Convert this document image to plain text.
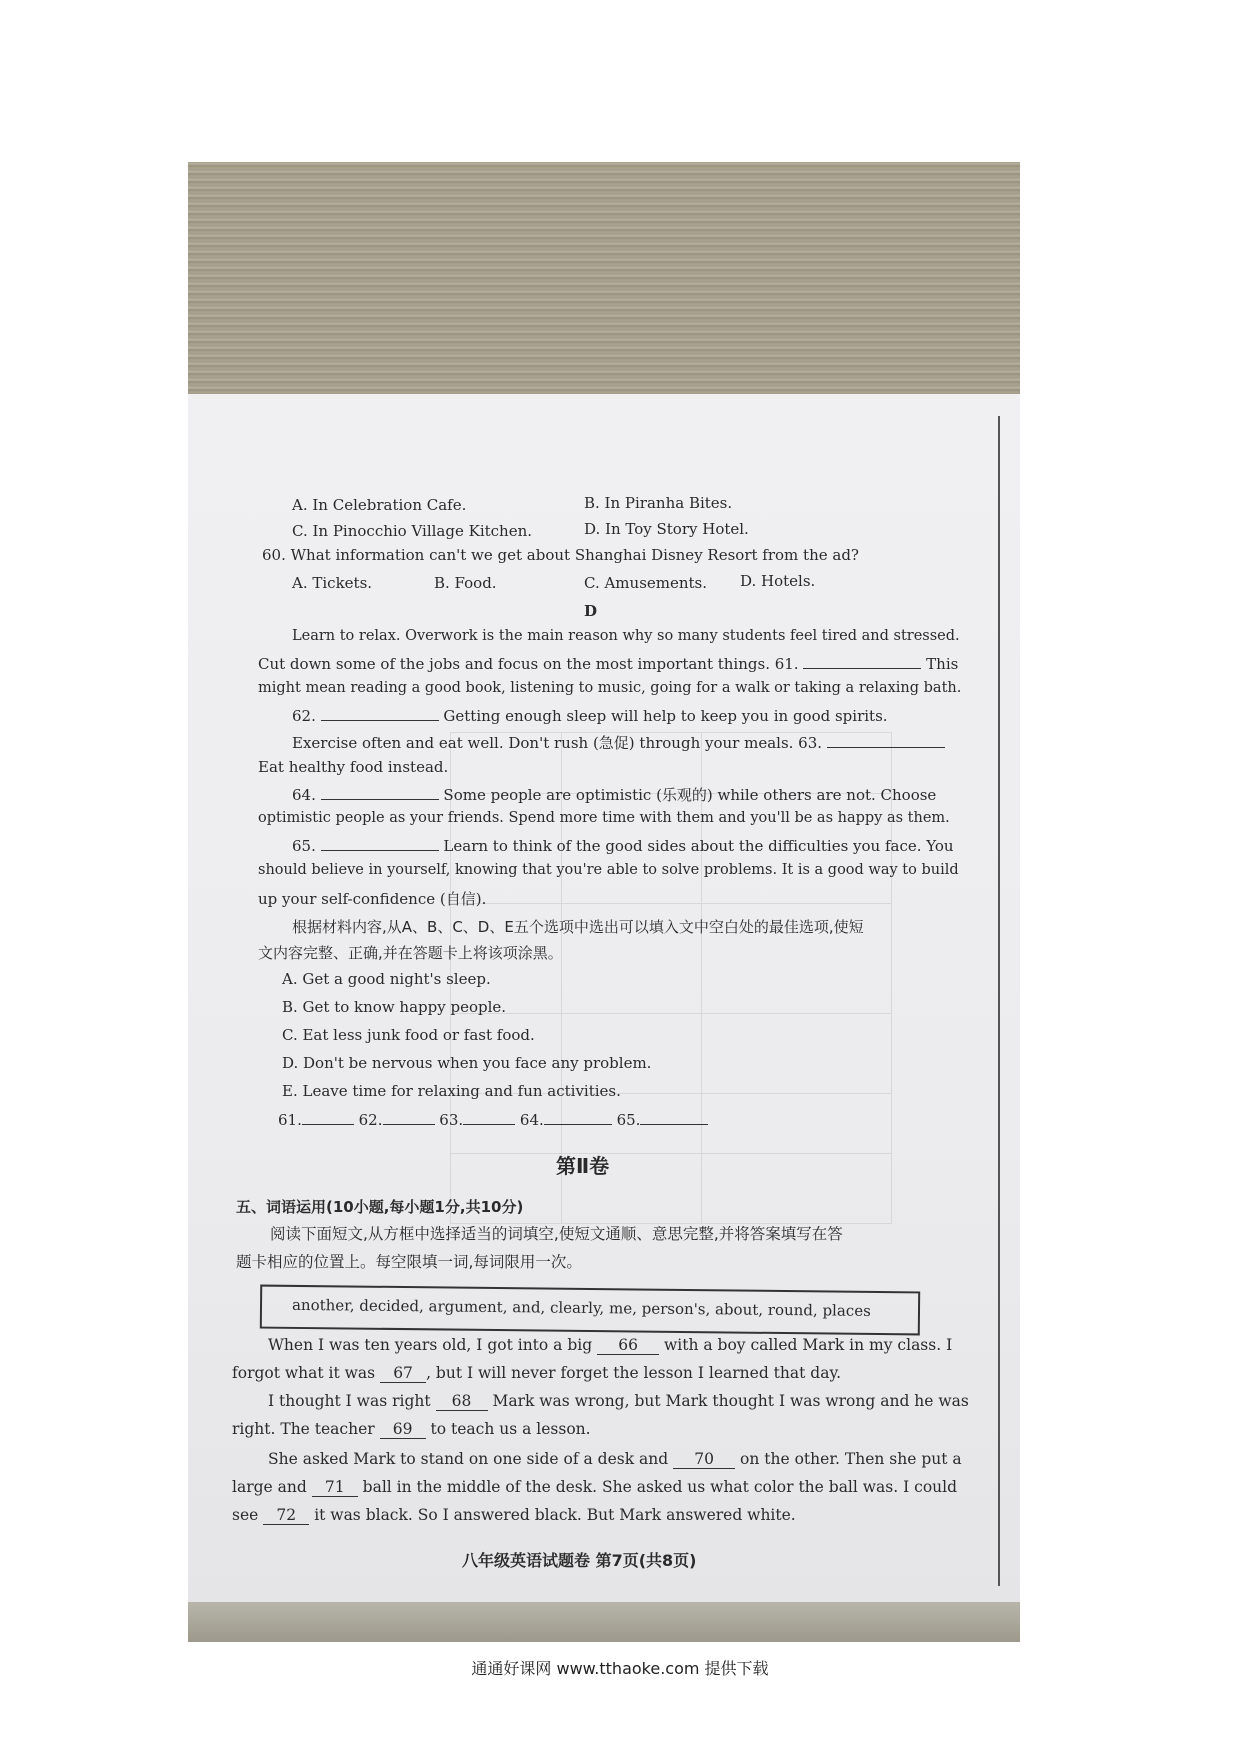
A. In Celebration Cafe.	B. In Piranha Bites.
C. In Pinocchio Village Kitchen.	D. In Toy Story Hotel.
60. What information can't we get about Shanghai Disney Resort from the ad?
A. Tickets.	B. Food.	C. Amusements. D. Hotels.
D
Learn to relax. Overwork is the main reason why so many students feel tired and stressed.
Cut down some of the jobs and focus on the most important things. 61.	This
might mean reading a good book, listening to music, going for a walk or taking a relaxing bath.
62.	Getting enough sleep will help to keep you in good spirits.
Exercise often and eat well. Don't rush (急促) through your meals. 63.
Eat healthy food instead.
64.	Some people are optimistic (乐观的) while others are not. Choose
optimistic people as your friends. Spend more time with them and you'll be as happy as them.
65.	Learn to think of the good sides about the difficulties you face. You
should believe in yourself, knowing that you're able to solve problems. It is a good way to build
up your self-confidence (自信).
根据材料内容,从A、B、C、D、E五个选项中选出可以填入文中空白处的最佳选项,使短
文内容完整、正确,并在答题卡上将该项涂黑。
A. Get a good night's sleep.
B. Get to know happy people.
C. Eat less junk food or fast food.
D. Don't be nervous when you face any problem.
E. Leave time for relaxing and fun activities.
61.	62.	63.	64.	65.
第Ⅱ卷
五、词语运用(10小题,每小题1分,共10分)
阅读下面短文,从方框中选择适当的词填空,使短文通顺、意思完整,并将答案填写在答
题卡相应的位置上。每空限填一词,每词限用一次。
another, decided, argument, and, clearly, me, person's, about, round, places
When I was ten years old, I got into a big 66 with a boy called Mark in my class. I
forgot what it was 67 , but I will never forget the lesson I learned that day.
I thought I was right 68 Mark was wrong, but Mark thought I was wrong and he was
right. The teacher 69 to teach us a lesson.
She asked Mark to stand on one side of a desk and 70 on the other. Then she put a
large and 71 ball in the middle of the desk. She asked us what color the ball was. I could
see 72 it was black. So I answered black. But Mark answered white.
八年级英语试题卷 第7页(共8页)
通通好课网 www.tthaoke.com 提供下载
